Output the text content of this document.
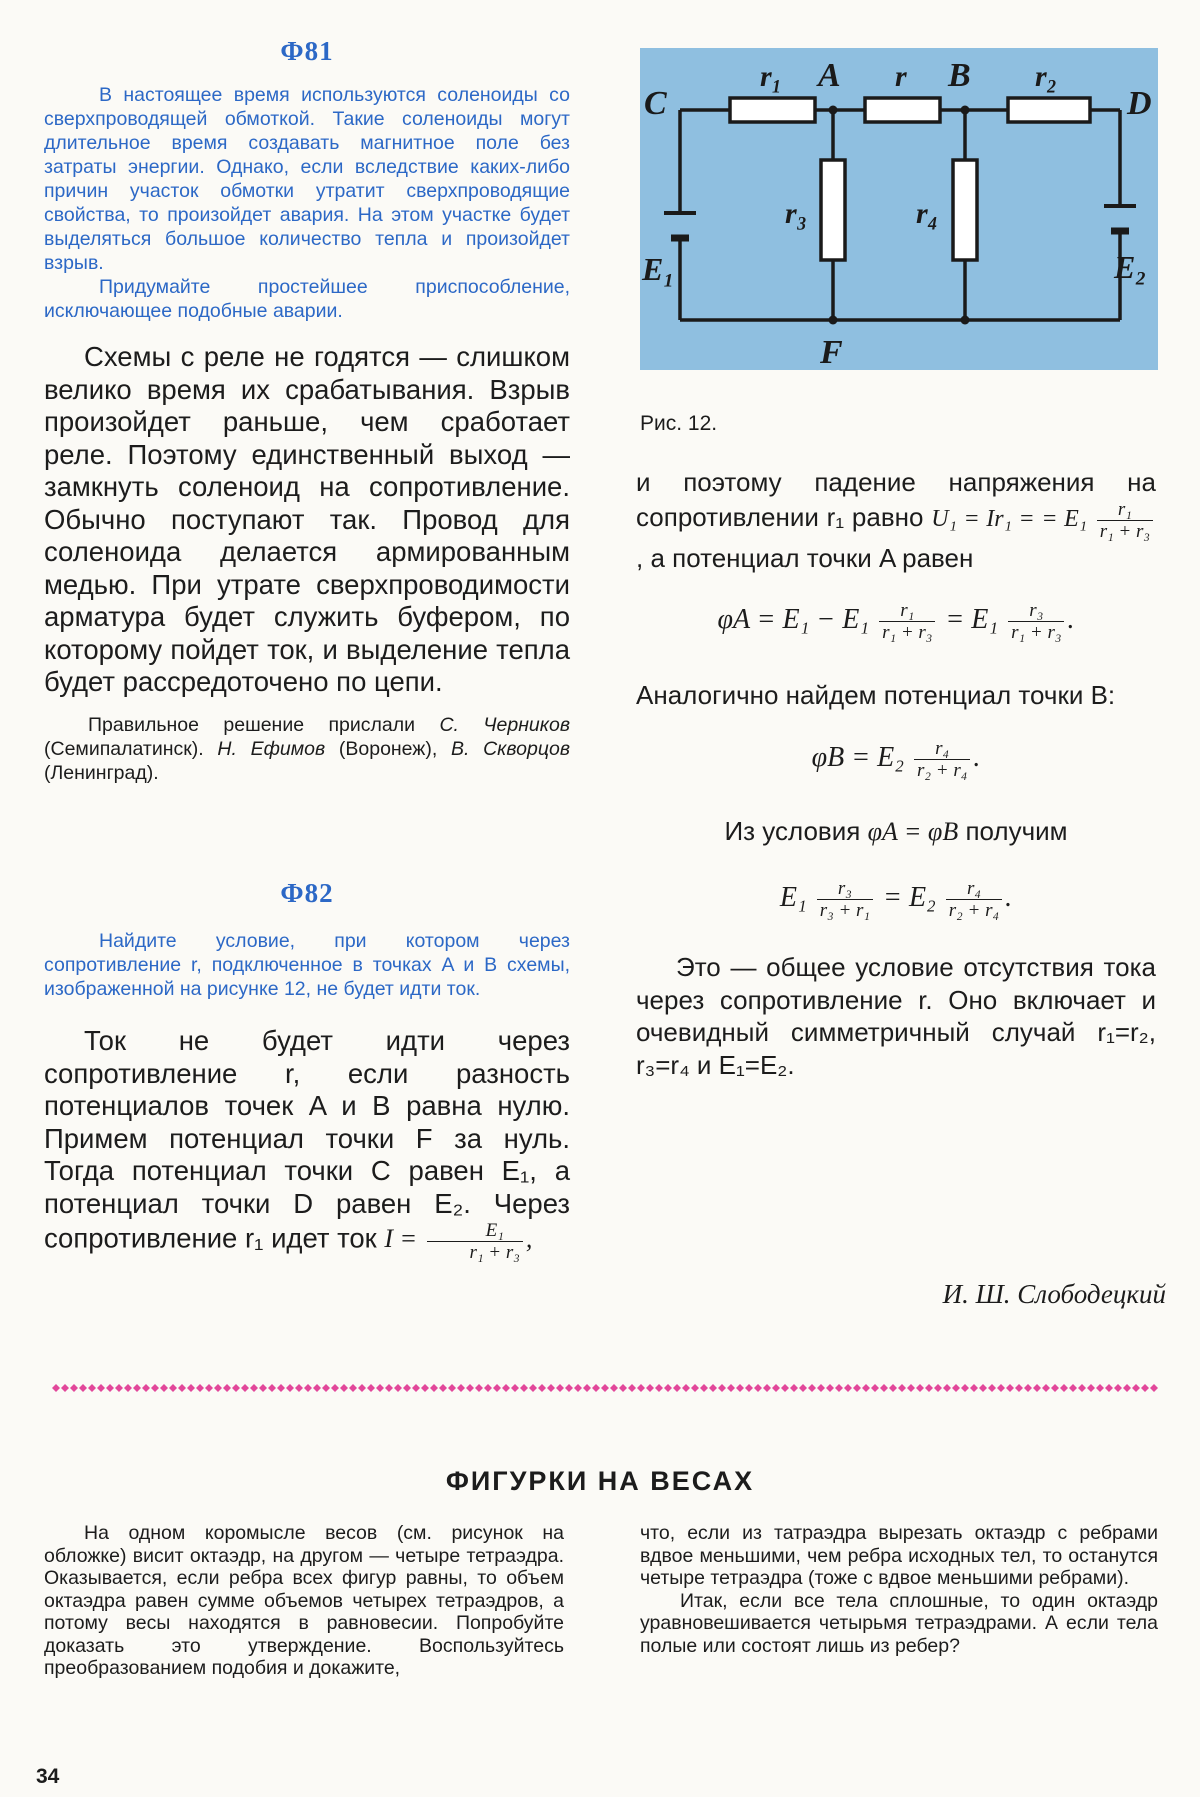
Ф81

В настоящее время используются соленоиды со сверхпроводящей обмоткой. Такие соленоиды могут длительное время создавать магнитное поле без затраты энергии. Однако, если вследствие каких-либо причин участок обмотки утратит сверхпроводящие свойства, то произойдет авария. На этом участке будет выделяться большое количество тепла и произойдет взрыв.

Придумайте простейшее приспособление, исключающее подобные аварии.

Схемы с реле не годятся — слишком велико время их срабатывания. Взрыв произойдет раньше, чем сработает реле. Поэтому единственный выход — замкнуть соленоид на сопротивление. Обычно поступают так. Провод для соленоида делается армированным медью. При утрате сверхпроводимости арматура будет служить буфером, по которому пойдет ток, и выделение тепла будет рассредоточено по цепи.

Правильное решение прислали С. Черников (Семипалатинск). Н. Ефимов (Воронеж), В. Скворцов (Ленинград).

Ф82

Найдите условие, при котором через сопротивление r, подключенное в точках A и B схемы, изображенной на рисунке 12, не будет идти ток.

Ток не будет идти через сопротивление r, если разность потенциалов точек A и B равна нулю. Примем потенциал точки F за нуль. Тогда потенциал точки C равен E₁, а потенциал точки D равен E₂. Через сопротивление r₁ идет ток $I = \frac{\text{E₁}}{\text{r₁ + r₃}}$ ,

C	D
A	B
F
r₁	r	r₂
r₃	r₄
E₁	E₂
Рис. 12.

и поэтому падение напряжения на сопротивлении r₁ равно U₁ = Ir₁ = = $E_1 \frac{\text{r₁}}{\text{r₁ + r₃}}$
, а потенциал точки A равен

$\varphi A = E_1 - E_1 \frac{\text{r₁}}{\text{r₁ + r₃}} = E_1 \frac{\text{r₃}}{\text{r₁ + r₃}}$ .

Аналогично найдем потенциал точки B:

$\varphi B = E_2 \frac{\text{r₄}}{\text{r₂ + r₄}}$ .

Из условия φA = φB получим

$E_1 \frac{\text{r₃}}{\text{r₃ + r₁}} = E_2 \frac{\text{r₄}}{\text{r₂ + r₄}}$ .

Это — общее условие отсутствия тока через сопротивление r. Оно включает и очевидный симметричный случай r₁=r₂, r₃=r₄ и E₁=E₂.

И. Ш. Слободецкий
ФИГУРКИ НА ВЕСАХ

На одном коромысле весов (см. рисунок на обложке) висит октаэдр, на другом — четыре тетраэдра. Оказывается, если ребра всех фигур равны, то объем октаэдра равен сумме объемов четырех тетраэдров, а потому весы находятся в равновесии. Попробуйте доказать это утверждение. Воспользуйтесь преобразованием подобия и докажите,

что, если из татраэдра вырезать октаэдр с ребрами вдвое меньшими, чем ребра исходных тел, то останутся четыре тетраэдра (тоже с вдвое меньшими ребрами).

Итак, если все тела сплошные, то один октаэдр уравновешивается четырьмя тетраэдрами. А если тела полые или состоят лишь из ребер?

34
